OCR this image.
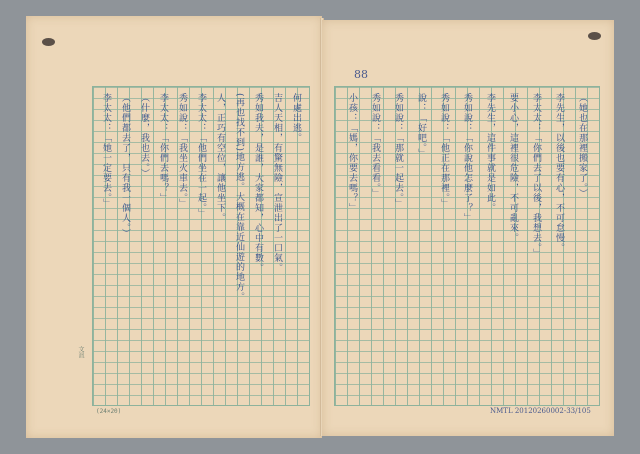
何處出逃。
吉人天相，有驚無險，宣泄出了一口氣。
秀如我夫，是誰，大家都知，心中有數。
(再也找不到)地方逃。大概在靠近仙遊的地方。
人，正巧有空位，讓他坐下。
李太太：「他們坐在一起。」
秀如說：「我坐火車去。」
李太太：「你們去嗎？」
（什麼，我也去。）
（他們都去了，只有我一個人。）
李太太：「她一定要去。」
(24×20)
文訊
88
（她也在那裡搬家了。）
李先生，以後也要有心，不可怠慢。
李太太：「你們去了以後，我想去。」
要小心，這裡很危險，不可亂來。
李先生，這件事就是如此。
秀如說：「你說他怎麼了？」
秀如說：「他正在那裡。」
說：「好吧。」
秀如說：「那就一起去。」
秀如說：「我去看看。」
小孩：「媽，你要去嗎？」
NMTL 20120260002-33/105
